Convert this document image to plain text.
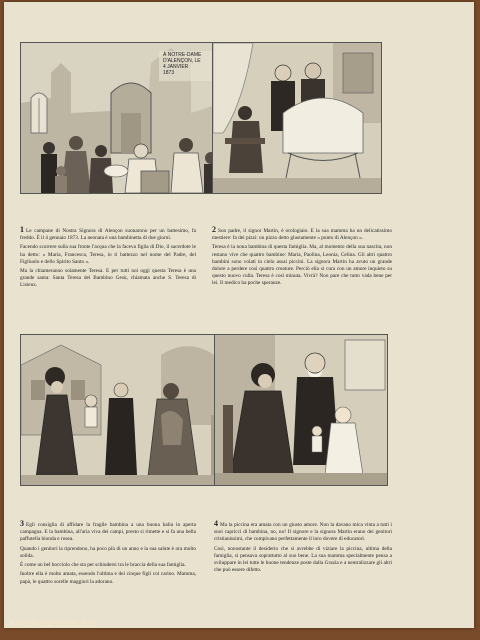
À NOTRE-DAME
D'ALENÇON, LE
4 JANVIER
1873

1 Le campane di Nostra Signora di Alençon suonarono per un battesimo, fa freddo. È il 4 gennaio 1873. La neonata è una bambinetta di due giorni.

Facendo scorrere sulla sua fronte l'acqua che la faceva figlia di Dio, il sacerdote le ha detto: « Maria, Francesca, Teresa, io ti battezzo nel nome del Padre, del Figliuolo e dello Spirito Santo ».

Ma la chiameranno solamente Teresa. E per tutti noi oggi questa Teresa è una grande santa: Santa Teresa del Bambino Gesù, chiamata anche S. Teresa di Lisieux.

2 Suo padre, il signor Martin, è orologiaio. E la sua mamma ha un delicatissimo mestiere: fa dei pizzi: un pizzo detto giustamente « punto di Alençon ».

Teresa è la nona bambina di questa famiglia. Ma, al momento della sua nascita, non restano vive che quattro bambine: Maria, Paolina, Leonia, Celina. Gli altri quattro bambini sono volati in cielo assai piccini. La signora Martin ha avuto un grande dolore a perdere così quattro creature. Perciò ella si cura con un amore inquieto su questo nuovo culla. Teresa è così minuta. Vivrà? Non pare che tutto vada bene per lei. Il medico ha poche speranze.

3 Egli consiglia di affidare la fragile bambina a una buona balia in aperta campagna. E la bambina, all'aria viva dei campi, presto si rimette e si fa una bella paffutella bionda e rosea.

Quando i genitori la riprendono, ha poco più di un anno e la sua salute è ora molto solida.

È come un bel bocciolo che sta per schiudersi tra le braccia della sua famiglia.

Inoltre ella è molto amata, essendo l'ultima e dei cinque figli col carino. Mamma, papà, le quattro sorelle maggiori la adorano.

4 Ma la piccina era amata con un giusto amore. Non la davano mica vinta a tutti i suoi capricci di bambina, no, no! Il signore e la signora Martin erano dei genitori cristianissimi, che compivano perfettamente il loro dovere di educatori.

Così, nonostante il desiderio che si avrebbe di viziare la piccina, ultima della famiglia, si pensava soprattutto al suo bene. La sua mamma specialmente pensa a sviluppare in lei tutte le buone tendenze poste dalla Grazia e a neutralizzare gli altri che può essere difetto.

Antikvarium.hu
